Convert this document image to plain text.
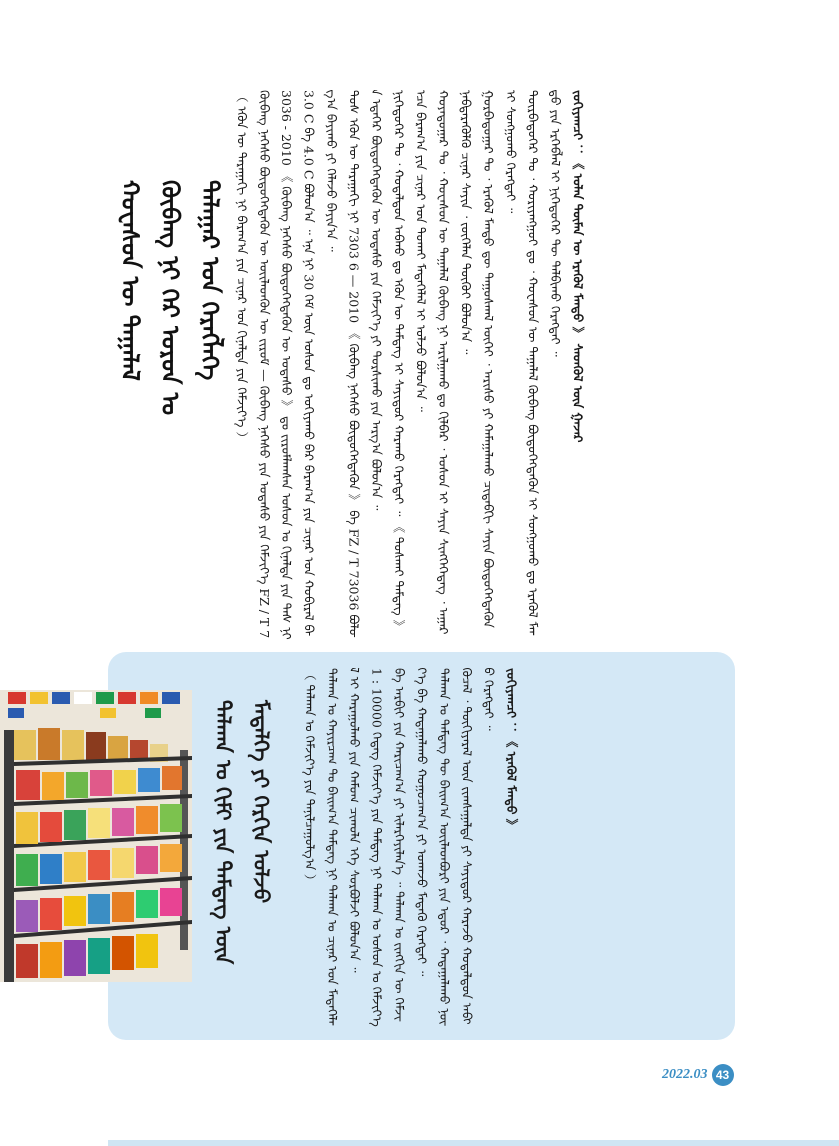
ᠬᠤᠸᠠᠰᠤᠨ ᠦ ᠲᠠᠭᠠᠯᠠᠯ ᠬᠦᠪᠡᠩ ᠨᠢ ᠭᠡᠷ ᠣᠷᠣᠨ ᠤ ᠲᠠᠯᠠᠭᠠᠷ ᠤᠨ ᠬᠡᠷᠡᠭᠯᠡᠭᠡ （ ᠡᠭᠦᠨ ᠦ ᠳᠠᠷᠠᠭᠠᠬᠢ ᠨᠢ ᠪᠠᠷᠠᠭ᠎ᠠ ᠶᠢᠨ ᠴᠢᠨᠠᠷ ᠤᠨ ᠬᠢᠨᠠᠯᠲᠠ ᠶᠢᠨ ᠬᠡᠮᠵᠢᠶ᠎ᠡ ） ᠬᠦᠪᠡᠩ ᠨᠡᠬᠡᠰᠦ ᠪᠦᠲᠦᠭᠡᠭᠳᠡᠬᠦᠨ ᠦ ᠦᠢᠯᠡᠳᠬᠦᠨ ᠦ ᠵᠢᠷᠤᠮ — ᠬᠦᠪᠡᠩ ᠨᠡᠬᠡᠰᠦ ᠶᠢᠨ ᠤᠲᠠᠰᠤ ᠶᠢᠨ ᠬᠡᠮᠵᠢᠶ᠎ᠡ FZ / T 73036 - 2010 《 ᠬᠦᠪᠡᠩ ᠨᠡᠬᠡᠰᠦ ᠪᠦᠲᠦᠭᠡᠭᠳᠡᠬᠦᠨ ᠦ ᠤᠲᠠᠰᠤ 》 ᠳᠤ ᠵᠢᠷᠤᠮᠯᠠᠭᠰᠠᠨ ᠤᠰᠤᠨ ᠤ ᠬᠢᠨᠠᠯᠲᠠ ᠶᠢᠨ ᠳᠡᠰ ᠨᠢ 3.0 C ᠪᠠ 4.0 C ᠪᠤᠯᠤᠨ᠎ᠠ ᠃ ᠡᠨᠡ ᠨᠢ 30 ᠬᠡᠮ ᠦᠨ ᠤᠰᠤᠨ ᠳᠤ ᠤᠭᠢᠶᠠᠬᠤ ᠪᠠᠷ ᠪᠠᠷᠠᠭ᠎ᠠ ᠶᠢᠨ ᠴᠢᠨᠠᠷ ᠤᠨ ᠬᠤᠪᠢᠷᠠᠯ ᠪᠠᠭ᠎ᠠ ᠪᠠᠶᠢᠬᠤ ᠶᠢ ᠬᠡᠯᠡᠵᠦ ᠪᠠᠶᠢᠨ᠎ᠠ ᠃ ᠲᠤᠰ ᠡᠭᠦᠨ ᠦ ᠳᠠᠷᠠᠭᠠᠬᠢ ᠨᠢ 7303 6 — 2010 《 ᠬᠦᠪᠡᠩ ᠨᠡᠬᠡᠰᠦ ᠪᠦᠲᠦᠭᠡᠭᠳᠡᠬᠦᠨ 》 ᠪᠠ FZ / T 73036 ᠪᠣᠯᠣᠨ ᠡᠳᠡᠭᠡᠷ ᠪᠦᠲᠦᠭᠡᠭᠳᠡᠬᠦᠨ ᠦ ᠤᠲᠠᠰᠤ ᠶᠢᠨ ᠬᠡᠮᠵᠢᠶ᠎ᠡ ᠶᠢ ᠲᠤᠷᠰᠢᠬᠤ ᠶᠢᠨ ᠠᠷᠭ᠎ᠠ ᠪᠤᠯᠤᠨ᠎ᠠ ᠃ ᠨᠢᠭᠡᠳᠦᠭᠡᠷ ᠲᠤ ᠂ ᠬᠤᠳᠠᠯᠳᠤᠨ ᠠᠪᠬᠤ ᠳᠤ ᠡᠭᠦᠨ ᠦ ᠲᠡᠮᠳᠡᠭ ᠢ ᠰᠠᠶᠢᠲᠤᠷ ᠬᠠᠷᠠᠬᠤ ᠬᠡᠷᠡᠭᠲᠡᠢ ᠃ 《 ᠲᠤᠰᠬᠠᠢ ᠲᠡᠮᠳᠡᠭ 》 ᠡᠴᠡ ᠪᠠᠷᠠᠭ᠎ᠠ ᠶᠢᠨ ᠴᠢᠨᠠᠷ ᠤᠨ ᠲᠤᠬᠠᠢ ᠮᠡᠳᠡᠭᠡᠯᠡᠯ ᠢ ᠤᠯᠵᠤ ᠪᠤᠯᠤᠨ᠎ᠠ ᠃ ᠬᠤᠶᠠᠳᠤᠭᠠᠷ ᠲᠤ ᠂ ᠬᠤᠸᠠᠰᠤᠨ ᠦ ᠲᠠᠭᠠᠯᠠᠯ ᠬᠦᠪᠡᠩ ᠨᠢ ᠠᠷᠢᠯᠭᠠᠬᠤ ᠳᠤ ᠬᠢᠯᠪᠠᠷ ᠂ ᠤᠰᠤᠨ ᠢ ᠰᠠᠶᠢᠨ ᠰᠢᠩᠭᠡᠭᠡᠳᠡᠭ ᠂ ᠠᠭᠠᠷ ᠨᠡᠪᠲᠡᠷᠡᠭᠦᠯᠬᠦ ᠴᠢᠨᠠᠷ ᠰᠠᠶᠢᠨ ᠂ ᠵᠦᠭᠡᠯᠡᠨ ᠳᠦᠭᠦᠢ ᠪᠤᠯᠤᠨ᠎ᠠ ᠃ ᠭᠤᠷᠪᠠᠳᠤᠭᠠᠷ ᠲᠤ ᠂ ᠡᠷᠡᠭᠦᠯ ᠮᠡᠨᠳᠦ ᠳᠦ ᠳᠠᠭᠤᠰᠬᠠᠯ ᠦᠭᠡᠢ ᠂ ᠠᠷᠢᠰᠤ ᠶᠢ ᠬᠠᠮᠠᠭᠠᠯᠠᠬᠤ ᠴᠢᠳᠠᠪᠬᠢ ᠰᠠᠶᠢᠨ ᠪᠦᠲᠦᠭᠡᠭᠳᠡᠬᠦᠨ ᠢ ᠰᠣᠩᠭᠣᠬᠤ ᠬᠡᠷᠡᠭᠲᠡᠢ ᠃ ᠳᠦᠷᠪᠡᠳᠦᠭᠡᠷ ᠲᠤ ᠂ ᠬᠤᠷᠢᠶᠠᠩᠭᠤᠢ ᠳᠤ ᠂ ᠬᠤᠸᠠᠰᠤᠨ ᠦ ᠲᠠᠭᠠᠯᠠᠯ ᠬᠦᠪᠡᠩ ᠪᠦᠲᠦᠭᠡᠭᠳᠡᠬᠦᠨ ᠢ ᠰᠣᠩᠭᠣᠬᠤ ᠳᠤ ᠡᠷᠡᠭᠦᠯ ᠮᠡᠨᠳᠦ ᠶᠢᠨ ᠡᠷᠬᠡᠪᠯᠡᠯ ᠢ ᠨᠢᠭᠡᠳᠦᠭᠡᠷ ᠲᠦ ᠲᠠᠯᠪᠢᠬᠤ ᠬᠡᠷᠡᠭᠲᠡᠢ ᠃ ᠵᠣᠬᠢᠶᠠᠭᠴᠢ ：《 ᠣᠯᠠᠨ ᠲᠦᠮᠡᠨ ᠦ ᠡᠷᠡᠭᠦᠯ ᠮᠡᠨᠳᠦ 》 ᠰᠡᠳᠭᠦᠯ ᠦᠨ ᠭᠠᠵᠠᠷ

ᠲᠠᠯᠬᠠᠨ ᠤ ᠬᠢᠮᠢ ᠶᠢᠨ ᠲᠡᠮᠳᠡᠭ ᠦᠨ ᠮᠡᠳᠡᠯᠭᠡ ᠶᠢ ᠬᠡᠷᠬᠢᠨ ᠤᠯᠵᠤ	（ ᠲᠠᠯᠬᠠᠨ ᠤ ᠬᠡᠮᠵᠢᠶ᠎ᠡ ᠶᠢᠨ ᠲᠠᠨᠢᠯᠴᠠᠭᠤᠯᠭ᠎ᠠ ） ᠲᠠᠯᠬᠠᠨ ᠤ ᠬᠠᠶᠢᠷᠴᠠᠭ ᠲᠤ ᠪᠠᠢᠭ᠎ᠠ ᠲᠡᠮᠳᠡᠭ ᠨᠢ ᠲᠠᠯᠬᠠᠨ ᠤ ᠴᠢᠨᠠᠷ ᠤᠨ ᠮᠡᠳᠡᠭᠡᠯᠡᠯ ᠢ ᠬᠠᠷᠠᠭᠤᠯᠬᠤ ᠶᠢᠨ ᠬᠠᠮᠤᠭ ᠴᠢᠬᠤᠯᠠ ᠡᠬᠡ ᠰᠤᠷᠪᠤᠯᠵᠢ ᠪᠤᠯᠤᠨ᠎ᠠ ᠃ 1 : 10000 ᠭᠡᠳᠡᠭ ᠬᠡᠮᠵᠢᠶ᠎ᠡ ᠶᠢᠨ ᠲᠡᠮᠳᠡᠭ ᠨᠢ ᠲᠠᠯᠬᠠᠨ ᠤ ᠤᠰᠤᠨ ᠤ ᠬᠡᠮᠵᠢᠶ᠎ᠡ ᠪᠠ ᠠᠷᠪᠢᠢ ᠶᠢᠨ ᠬᠠᠷᠢᠴᠠᠭ᠎ᠠ ᠶᠢ ᠢᠯᠡᠷᠬᠡᠶᠢᠯᠡᠨ᠎ᠡ ᠃ ᠲᠠᠯᠬᠠᠨ ᠤ ᠵᠢᠩᠭᠢᠨ ᠦ ᠬᠡᠮᠵᠢᠶ᠎ᠡ ᠪᠠ ᠬᠠᠳᠠᠭᠠᠯᠠᠬᠤ ᠬᠤᠭᠤᠴᠠᠭ᠎ᠠ ᠶᠢ ᠤᠬᠠᠵᠤ ᠮᠡᠳᠡᠬᠦ ᠬᠡᠷᠡᠭᠲᠡᠢ ᠃ ᠲᠠᠯᠬᠠᠨ ᠤ ᠲᠡᠮᠳᠡᠭ ᠲᠦ ᠪᠠᠢᠭ᠎ᠠ ᠦᠢᠯᠡᠳᠪᠦᠷᠢ ᠶᠢᠨ ᠡᠳᠦᠷ ᠂ ᠬᠠᠳᠠᠭᠠᠯᠠᠬᠤ ᠨᠥᠬᠦᠴᠡᠯ ᠂ ᠲᠦᠬᠢᠶᠡᠷᠡᠯ ᠦᠨ ᠵᠢᠭᠰᠠᠭᠠᠯᠲᠠ ᠶᠢ ᠰᠠᠶᠢᠲᠤᠷ ᠬᠠᠷᠠᠵᠤ ᠬᠤᠳᠠᠯᠳᠤᠨ ᠠᠪᠬᠤ ᠬᠡᠷᠡᠭᠲᠡᠢ ᠃ ᠵᠣᠬᠢᠶᠠᠭᠴᠢ ：《 ᠡᠷᠡᠭᠦᠯ ᠮᠡᠨᠳᠦ 》

2022.03 43
